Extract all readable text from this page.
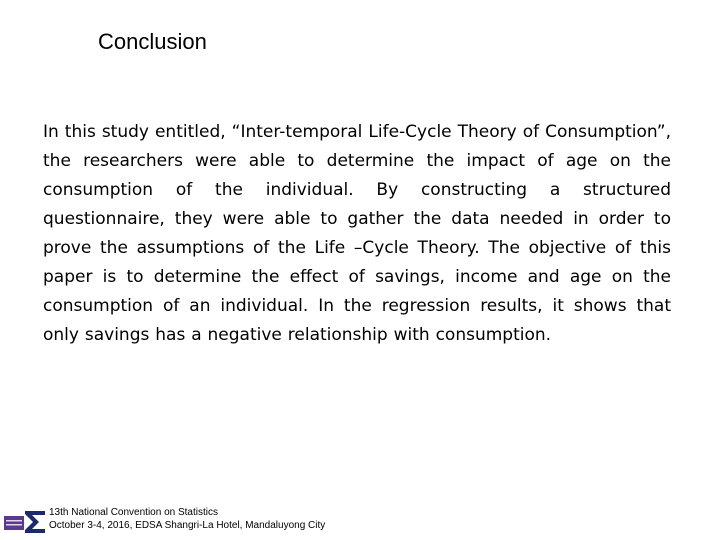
Conclusion

In this study entitled, “Inter-temporal Life-Cycle Theory of Consumption”, the researchers were able to determine the impact of age on the consumption of the individual. By constructing a structured questionnaire, they were able to gather the data needed in order to prove the assumptions of the Life –Cycle Theory. The objective of this paper is to determine the effect of savings, income and age on the consumption of an individual. In the regression results, it shows that only savings has a negative relationship with consumption.

13th National Convention on Statistics
October 3-4, 2016, EDSA Shangri-La Hotel, Mandaluyong City
